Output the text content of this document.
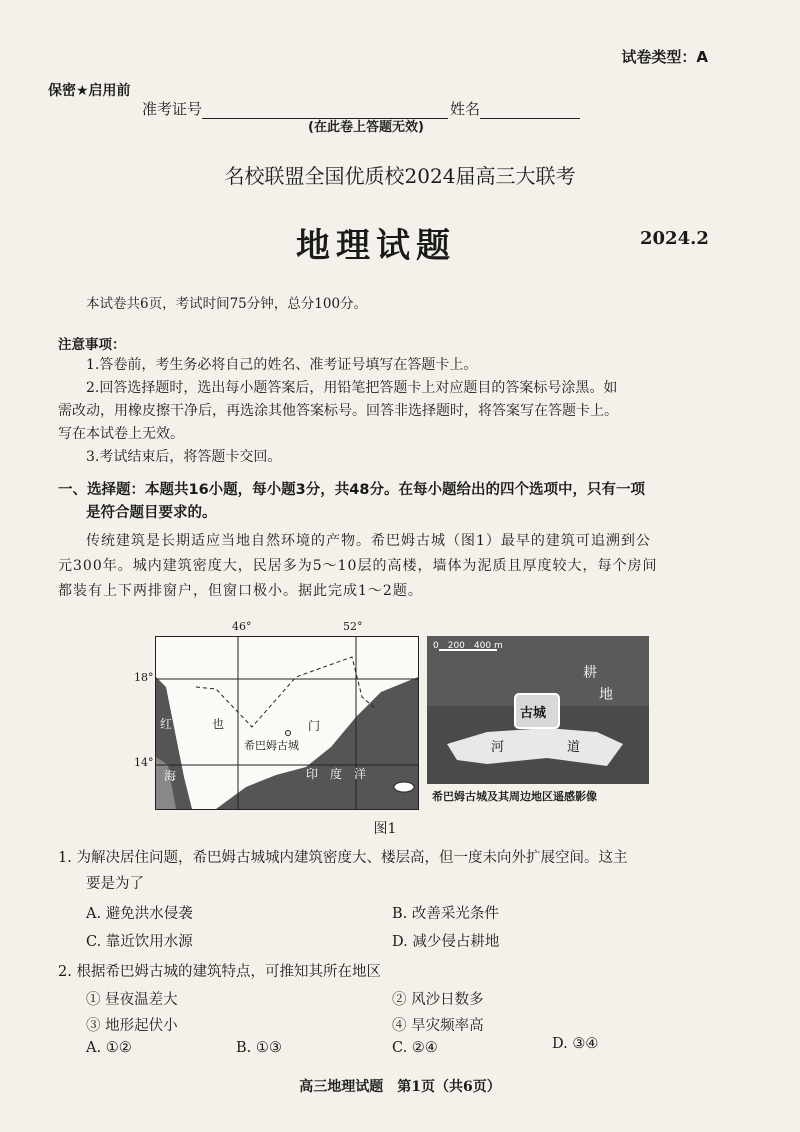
试卷类型：A
保密★启用前
准考证号	姓名
(在此卷上答题无效)
名校联盟全国优质校2024届高三大联考
地理试题	2024.2
本试卷共6页，考试时间75分钟，总分100分。
注意事项：
1.答卷前，考生务必将自己的姓名、准考证号填写在答题卡上。
2.回答选择题时，选出每小题答案后，用铅笔把答题卡上对应题目的答案标号涂黑。如
需改动，用橡皮擦干净后，再选涂其他答案标号。回答非选择题时，将答案写在答题卡上。
写在本试卷上无效。
3.考试结束后，将答题卡交回。
一、选择题：本题共16小题，每小题3分，共48分。在每小题给出的四个选项中，只有一项
是符合题目要求的。
传统建筑是长期适应当地自然环境的产物。希巴姆古城（图1）最早的建筑可追溯到公
元300年。城内建筑密度大，民居多为5～10层的高楼，墙体为泥质且厚度较大，每个房间
都装有上下两排窗户，但窗口极小。据此完成1～2题。
46°	52°
18°
14°
红
海
也	门
希巴姆古城
印　度　洋
0　200　400 m
耕
地
古城
河	道
希巴姆古城及其周边地区遥感影像
图1
1. 为解决居住问题，希巴姆古城城内建筑密度大、楼层高，但一度未向外扩展空间。这主
要是为了
A. 避免洪水侵袭	B. 改善采光条件
C. 靠近饮用水源	D. 减少侵占耕地
2. 根据希巴姆古城的建筑特点，可推知其所在地区
① 昼夜温差大	② 风沙日数多
③ 地形起伏小	④ 旱灾频率高
A. ①②	B. ①③	C. ②④	D. ③④
高三地理试题　第1页（共6页）
